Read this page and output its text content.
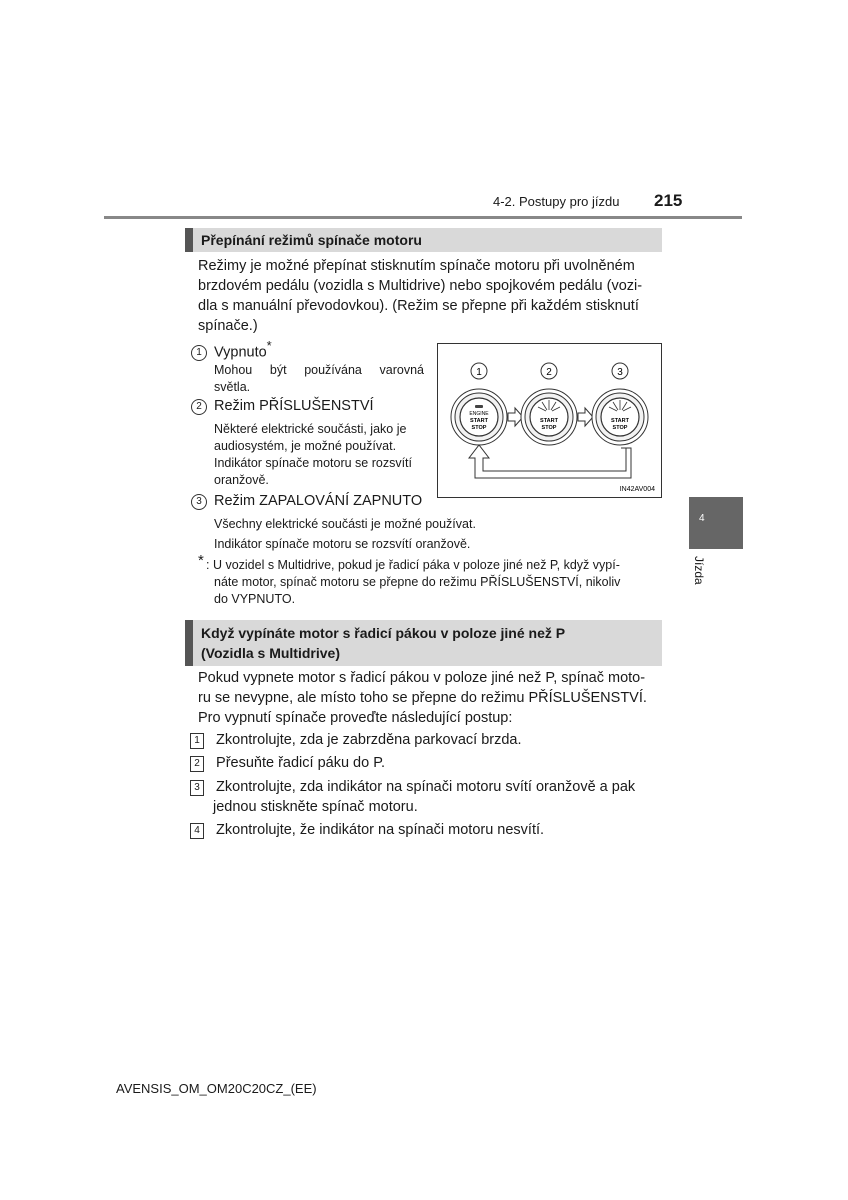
4-2. Postupy pro jízdu 215
Přepínání režimů spínače motoru
Režimy je možné přepínat stisknutím spínače motoru při uvolněném
brzdovém pedálu (vozidla s Multidrive) nebo spojkovém pedálu (vozi-
dla s manuální převodovkou). (Režim se přepne při každém stisknutí
spínače.)
1 Vypnuto*
Mohou být používána varovná
světla.
2 Režim PŘÍSLUŠENSTVÍ
Některé elektrické součásti, jako je
audiosystém, je možné používat.
Indikátor spínače motoru se rozsvítí
oranžově.
3 Režim ZAPALOVÁNÍ ZAPNUTO
Všechny elektrické součásti je možné používat.
Indikátor spínače motoru se rozsvítí oranžově.
* : U vozidel s Multidrive, pokud je řadicí páka v poloze jiné než P, když vypí-
náte motor, spínač motoru se přepne do režimu PŘÍSLUŠENSTVÍ, nikoliv
do VYPNUTO.
1	2	3
ENGINE
START
STOP
START
STOP
START
STOP
IN42AV004
Když vypínáte motor s řadicí pákou v poloze jiné než P
(Vozidla s Multidrive)
Pokud vypnete motor s řadicí pákou v poloze jiné než P, spínač moto-
ru se nevypne, ale místo toho se přepne do režimu PŘÍSLUŠENSTVÍ.
Pro vypnutí spínače proveďte následující postup:
1 Zkontrolujte, zda je zabrzděna parkovací brzda.
2 Přesuňte řadicí páku do P.
3 Zkontrolujte, zda indikátor na spínači motoru svítí oranžově a pak
jednou stiskněte spínač motoru.
4 Zkontrolujte, že indikátor na spínači motoru nesvítí.
4
Jízda
AVENSIS_OM_OM20C20CZ_(EE)
